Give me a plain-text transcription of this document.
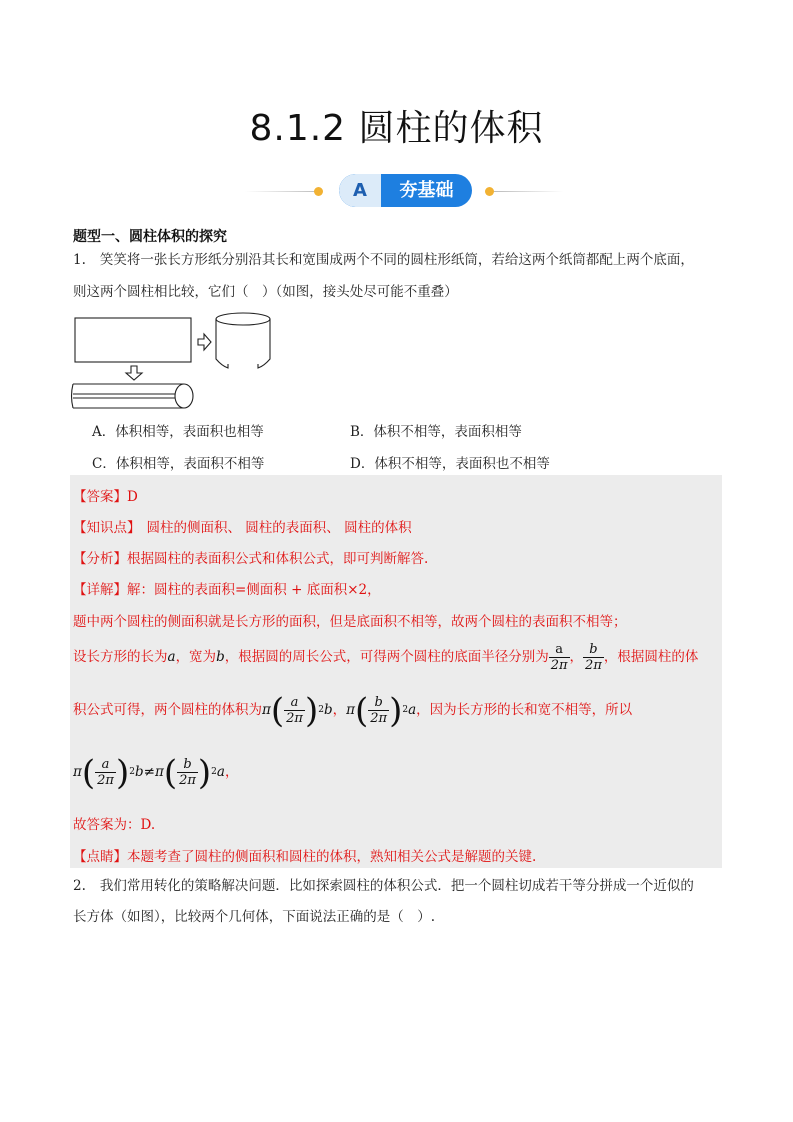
8.1.2 圆柱的体积
A	夯基础
题型一、圆柱体积的探究
1. 笑笑将一张长方形纸分别沿其长和宽围成两个不同的圆柱形纸筒，若给这两个纸筒都配上两个底面，
则这两个圆柱相比较，它们（　）（如图，接头处尽可能不重叠）
A．体积相等，表面积也相等	B．体积不相等，表面积相等
C．体积相等，表面积不相等	D．体积不相等，表面积也不相等
【答案】D
【知识点】 圆柱的侧面积、 圆柱的表面积、 圆柱的体积
【分析】根据圆柱的表面积公式和体积公式，即可判断解答.
【详解】解：圆柱的表面积=侧面积 + 底面积×2，
题中两个圆柱的侧面积就是长方形的面积，但是底面积不相等，故两个圆柱的表面积不相等；
设长方形的长为a，宽为b，根据圆的周长公式，可得两个圆柱的底面半径分别为 $\frac{a}{2\pi}$ ， $\frac{b}{2\pi}$ ，根据圆柱的体
积公式可得，两个圆柱的体积为$\pi( \frac{a}{2\pi} )^2b$，$\pi( \frac{b}{2\pi} )^2a$，因为长方形的长和宽不相等，所以
$\pi( \frac{a}{2\pi} )^2b\ne\pi( \frac{b}{2\pi} )^2a$，
故答案为：D.
【点睛】本题考查了圆柱的侧面积和圆柱的体积，熟知相关公式是解题的关键.
2. 我们常用转化的策略解决问题．比如探索圆柱的体积公式．把一个圆柱切成若干等分拼成一个近似的
长方体（如图），比较两个几何体，下面说法正确的是（　）.
